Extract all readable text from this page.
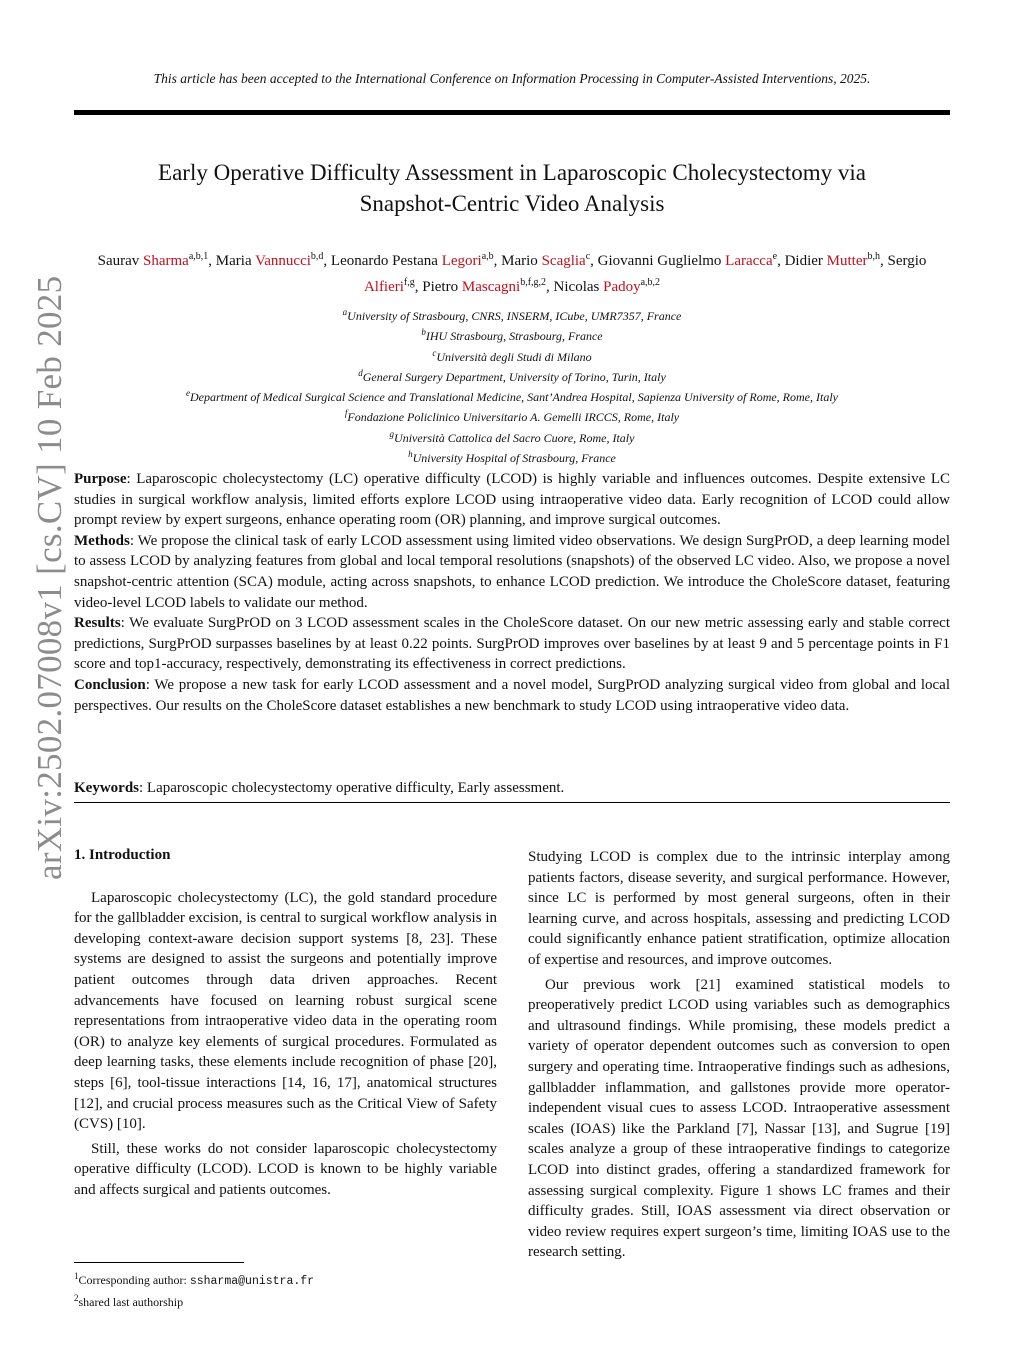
This article has been accepted to the International Conference on Information Processing in Computer-Assisted Interventions, 2025.
arXiv:2502.07008v1 [cs.CV] 10 Feb 2025
Early Operative Difficulty Assessment in Laparoscopic Cholecystectomy via
Snapshot-Centric Video Analysis
Saurav Sharma$^{a,b,1}$, Maria Vannucci$^{b,d}$, Leonardo Pestana Legori$^{a,b}$, Mario Scaglia$^c$, Giovanni Guglielmo Laracca$^e$, Didier Mutter$^{b,h}$, Sergio Alfieri$^{f,g}$, Pietro Mascagni$^{b,f,g,2}$, Nicolas Padoy$^{a,b,2}$
$^a$University of Strasbourg, CNRS, INSERM, ICube, UMR7357, France
$^b$IHU Strasbourg, Strasbourg, France
$^c$Università degli Studi di Milano
$^d$General Surgery Department, University of Torino, Turin, Italy
$^e$Department of Medical Surgical Science and Translational Medicine, Sant’Andrea Hospital, Sapienza University of Rome, Rome, Italy
$^f$Fondazione Policlinico Universitario A. Gemelli IRCCS, Rome, Italy
$^g$Università Cattolica del Sacro Cuore, Rome, Italy
$^h$University Hospital of Strasbourg, France

Purpose: Laparoscopic cholecystectomy (LC) operative difficulty (LCOD) is highly variable and influences outcomes. Despite extensive LC studies in surgical workflow analysis, limited efforts explore LCOD using intraoperative video data. Early recognition of LCOD could allow prompt review by expert surgeons, enhance operating room (OR) planning, and improve surgical outcomes.

Methods: We propose the clinical task of early LCOD assessment using limited video observations. We design SurgPrOD, a deep learning model to assess LCOD by analyzing features from global and local temporal resolutions (snapshots) of the observed LC video. Also, we propose a novel snapshot-centric attention (SCA) module, acting across snapshots, to enhance LCOD prediction. We introduce the CholeScore dataset, featuring video-level LCOD labels to validate our method.

Results: We evaluate SurgPrOD on 3 LCOD assessment scales in the CholeScore dataset. On our new metric assessing early and stable correct predictions, SurgPrOD surpasses baselines by at least 0.22 points. SurgPrOD improves over baselines by at least 9 and 5 percentage points in F1 score and top1-accuracy, respectively, demonstrating its effectiveness in correct predictions.

Conclusion: We propose a new task for early LCOD assessment and a novel model, SurgPrOD analyzing surgical video from global and local perspectives. Our results on the CholeScore dataset establishes a new benchmark to study LCOD using intraoperative video data.

Keywords: Laparoscopic cholecystectomy operative difficulty, Early assessment.

1. Introduction

Laparoscopic cholecystectomy (LC), the gold standard procedure for the gallbladder excision, is central to surgical workflow analysis in developing context-aware decision support systems [8, 23]. These systems are designed to assist the surgeons and potentially improve patient outcomes through data driven approaches. Recent advancements have focused on learning robust surgical scene representations from intraoperative video data in the operating room (OR) to analyze key elements of surgical procedures. Formulated as deep learning tasks, these elements include recognition of phase [20], steps [6], tool-tissue interactions [14, 16, 17], anatomical structures [12], and crucial process measures such as the Critical View of Safety (CVS) [10].

Still, these works do not consider laparoscopic cholecystectomy operative difficulty (LCOD). LCOD is known to be highly variable and affects surgical and patients outcomes.

Studying LCOD is complex due to the intrinsic interplay among patients factors, disease severity, and surgical performance. However, since LC is performed by most general surgeons, often in their learning curve, and across hospitals, assessing and predicting LCOD could significantly enhance patient stratification, optimize allocation of expertise and resources, and improve outcomes.

Our previous work [21] examined statistical models to preoperatively predict LCOD using variables such as demographics and ultrasound findings. While promising, these models predict a variety of operator dependent outcomes such as conversion to open surgery and operating time. Intraoperative findings such as adhesions, gallbladder inflammation, and gallstones provide more operator-independent visual cues to assess LCOD. Intraoperative assessment scales (IOAS) like the Parkland [7], Nassar [13], and Sugrue [19] scales analyze a group of these intraoperative findings to categorize LCOD into distinct grades, offering a standardized framework for assessing surgical complexity. Figure 1 shows LC frames and their difficulty grades. Still, IOAS assessment via direct observation or video review requires expert surgeon’s time, limiting IOAS use to the research setting.

$^1$Corresponding author: ssharma@unistra.fr
$^2$shared last authorship
